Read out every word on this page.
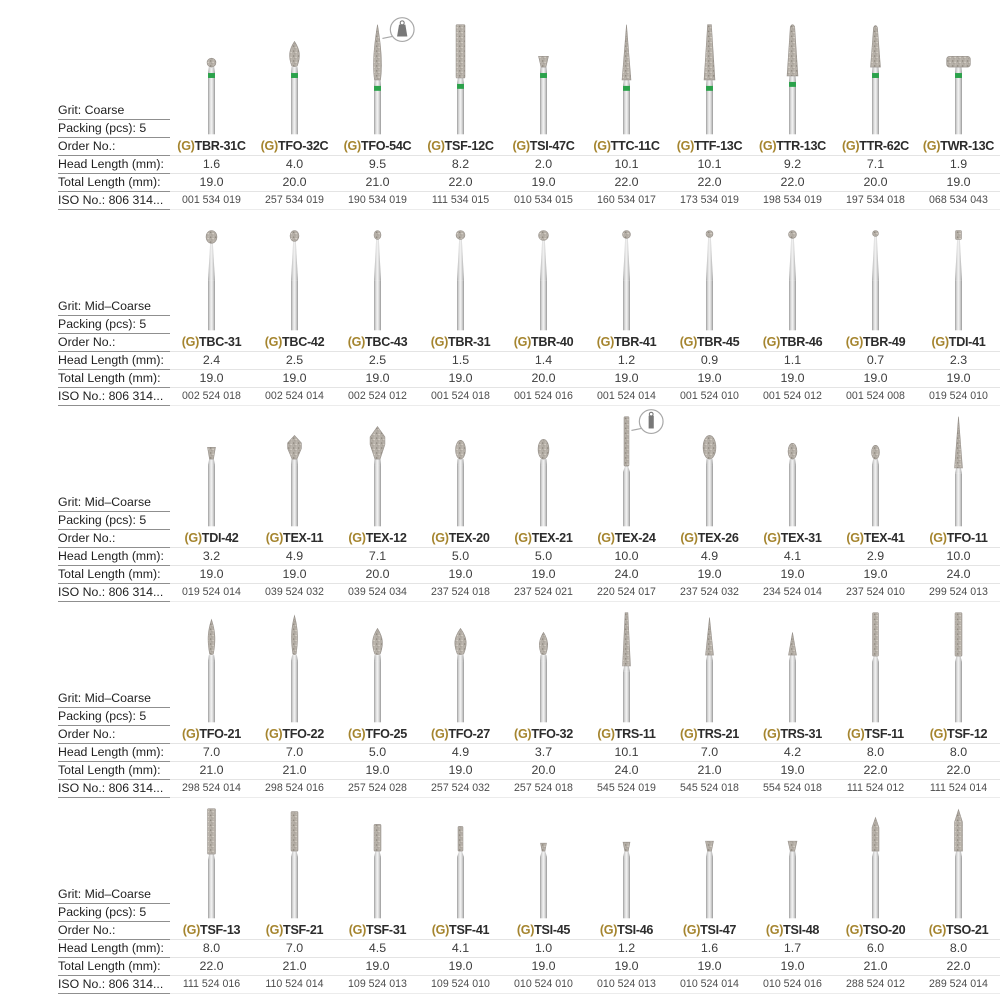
Grit: Coarse
Packing (pcs): 5
Order No.:
Head Length (mm):
Total Length (mm):
ISO No.: 806 314...
(G)TBR-31C
1.6
19.0
001 534 019
(G)TFO-32C
4.0
20.0
257 534 019
(G)TFO-54C
9.5
21.0
190 534 019
(G)TSF-12C
8.2
22.0
111 534 015
(G)TSI-47C
2.0
19.0
010 534 015
(G)TTC-11C
10.1
22.0
160 534 017
(G)TTF-13C
10.1
22.0
173 534 019
(G)TTR-13C
9.2
22.0
198 534 019
(G)TTR-62C
7.1
20.0
197 534 018
(G)TWR-13C
1.9
19.0
068 534 043
Grit: Mid–Coarse
Packing (pcs): 5
Order No.:
Head Length (mm):
Total Length (mm):
ISO No.: 806 314...
(G)TBC-31
2.4
19.0
002 524 018
(G)TBC-42
2.5
19.0
002 524 014
(G)TBC-43
2.5
19.0
002 524 012
(G)TBR-31
1.5
19.0
001 524 018
(G)TBR-40
1.4
20.0
001 524 016
(G)TBR-41
1.2
19.0
001 524 014
(G)TBR-45
0.9
19.0
001 524 010
(G)TBR-46
1.1
19.0
001 524 012
(G)TBR-49
0.7
19.0
001 524 008
(G)TDI-41
2.3
19.0
019 524 010
Grit: Mid–Coarse
Packing (pcs): 5
Order No.:
Head Length (mm):
Total Length (mm):
ISO No.: 806 314...
(G)TDI-42
3.2
19.0
019 524 014
(G)TEX-11
4.9
19.0
039 524 032
(G)TEX-12
7.1
20.0
039 524 034
(G)TEX-20
5.0
19.0
237 524 018
(G)TEX-21
5.0
19.0
237 524 021
(G)TEX-24
10.0
24.0
220 524 017
(G)TEX-26
4.9
19.0
237 524 032
(G)TEX-31
4.1
19.0
234 524 014
(G)TEX-41
2.9
19.0
237 524 010
(G)TFO-11
10.0
24.0
299 524 013
Grit: Mid–Coarse
Packing (pcs): 5
Order No.:
Head Length (mm):
Total Length (mm):
ISO No.: 806 314...
(G)TFO-21
7.0
21.0
298 524 014
(G)TFO-22
7.0
21.0
298 524 016
(G)TFO-25
5.0
19.0
257 524 028
(G)TFO-27
4.9
19.0
257 524 032
(G)TFO-32
3.7
20.0
257 524 018
(G)TRS-11
10.1
24.0
545 524 019
(G)TRS-21
7.0
21.0
545 524 018
(G)TRS-31
4.2
19.0
554 524 018
(G)TSF-11
8.0
22.0
111 524 012
(G)TSF-12
8.0
22.0
111 524 014
Grit: Mid–Coarse
Packing (pcs): 5
Order No.:
Head Length (mm):
Total Length (mm):
ISO No.: 806 314...
(G)TSF-13
8.0
22.0
111 524 016
(G)TSF-21
7.0
21.0
110 524 014
(G)TSF-31
4.5
19.0
109 524 013
(G)TSF-41
4.1
19.0
109 524 010
(G)TSI-45
1.0
19.0
010 524 010
(G)TSI-46
1.2
19.0
010 524 013
(G)TSI-47
1.6
19.0
010 524 014
(G)TSI-48
1.7
19.0
010 524 016
(G)TSO-20
6.0
21.0
288 524 012
(G)TSO-21
8.0
22.0
289 524 014
